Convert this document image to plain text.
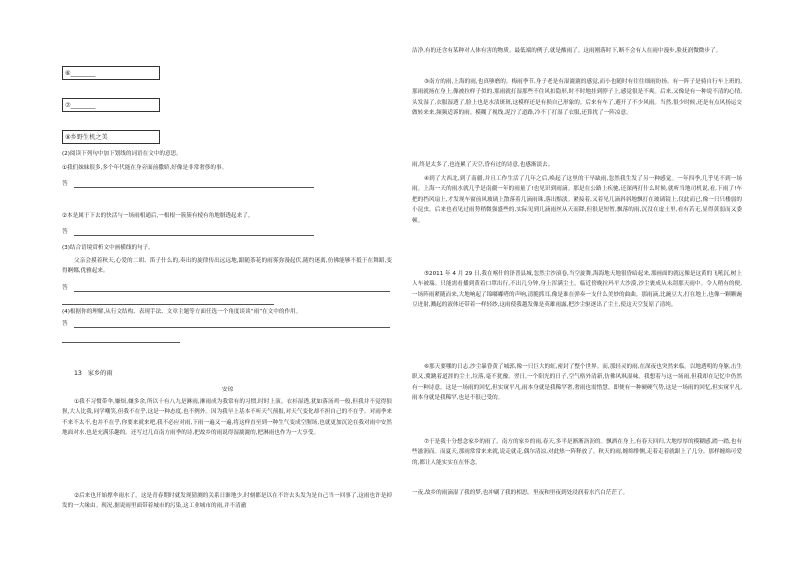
⑥________
⑦________
⑧乡野生机之美
(2)阅读下列句中加下划线的词语在文中的意思。
①我们妹妹很多,多个年代能在身旁面前撒娇,好像是非常奢侈的事。
答
②本是属于下去的快活与一场雨相通后,一根根一簇簇有棱有角地腊透起来了。
答
(3)结合语境赏析文中画横线的句子。
父亲会摸着秋天,心爱的二胡、笛子什么的,奏出的旋律传出远远地,跟随茶花的雨雾弥漫起伏,随约迷离,仿佛能够不抵于在舞蹈,变得婀娜,优雅起来。
答
(4)根据你的理解,从行文结构、表现手法、文章主题等方面任选一个角度谈谈“雨”在文中的作用。
答
13 家乡的雨
安琼
①我不习惯带伞,嫌烦,嫌多余,所以十有八九是淋雨,淋雨成为我常有的习惯,时时上演。衣衫湿透,犹如落汤鸡一般,但我并不觉得狼狈,大人比我,同学嘲笑,但我不在乎,这是一种态度,也不例外。因为我早上基本不听天气预报,对天气变化却不担自己的不在乎。对雨季来不来不太不,也并不在乎,你要来就来吧,我不必应对雨,下雨一遍又一遍,将这样直至到一种生气变成空腥场,也就更加沉沦在我对雨中安然地面对水,也是充满乐趣的。还写过几首南方雨季的诗,把故乡的雨说得湿漉漉的,把淋雨也作为一大享受。
②后来也开始撑伞雨水了。这是青春期时就发现猜测的关系日渐地少,时刻都是以在不许去头发为是自己当一回事了,这雨也许是掉发的一大缘由。现况,据说雨里面带着城市的污染,这工业城市的雨,并不清澈
洁净,有的还含有某种对人体有害的物质。最低端的例子,就是酸雨了。这雨刚落时下,断不会有人在雨中漫步,脸抚润微微步了。
③南方的雨,上海的雨,也真够磨的。梅雨季节,身子老是有湿漉漉的感觉,而小也随时有往往细雨纷扬。有一阵子是骑自行车上班的,那雨就扬在身上,像被拉样子似的,那雨就打湿那些不住风扣隐形,时不时地挂到脖子上,感觉很是不爽。后来,又像是有一种说不清的心情,头发湿了,衣服湿透了,脸上也是水渍斑斑,这模样还是有损自己形象的。后来有车了,避开了不少风雨。当然,很少时候,还是有点风扬运交做转来来,频频适诉的雨。模糊了视线,泥泞了道路,冷不丁打湿了衣服,还算扰了一阵凉意。
雨,终是太多了,也连累了天空,昏有过的诗意,也感渐淡去。
④到了大西北,到了南疆,并且工作生活了几年之后,唤起了这里的干旱缺雨,忽然我生发了另一种感觉。一年四季,几乎见不到一场雨。上海一天的雨水就几乎是南疆一年的雨量了!也见识到雨滴。那是在公路上疾驰,还深两打什么时候,就听当地司机说,看,下雨了!车把的挡风扇上,才发现车窗前风玻璃上散落着几滴雨珠,落出黯淡。紧接着,又着见几滴斜斜地飘打在玻璃镜上,仅此而已,像一只只楼弱的小昆虫。后来也看见过雨势稍微强盛些的,实际见到几滴雨丝从天而降,但很是短暂,飘落的雨,沉没在虚土里,看有若无,显得黄弱而又委顿。
⑤2011 年 4 月 29 日,我在喀什的泽普县城,忽然尘沙滚卷,当空旋舞,海海地天地很昏暗起来,那画面的就远像是这黄的飞吼沉,树上人车被瑞。只能需看播到黄着口罩出行,不出几分钟,身上浑满尘土。临近傍晚拉玛平大沙漠,沙尘裹成从未刮那天雨中。令人稍有的便,一场阵雨紧随而来,大地响起了锦嘟嘟嗒的声响,清脆抓耳,像是谁在弹奏一支什么美妙的曲曲。那雨滴,比豌豆大,打在地上,也像一颗颗豌豆迸射,溅起的液体还带着一样轻纱,这雨使我越发像是英雄雨露,把沙尘驱逐出了尘土,使这天空复原了清纯。
⑥那天要哪的日志,沙尘暴昏黄了城郭,像一只巨大的虹,密封了整个世界。而,那轻灵的雨,在深夜也突然来临。以地透明的身躯,击生职又,冀跳着道涯的尘土,垃落,毫不犹豫。翌日,一个阳光的日子,空气格外清新,仿佛风飒湿味。我想着与这一场雨,但我却在记忆中仍然有一种诗意。这是一场雨的回忆,但实窥平凡,雨本身就是我稀罕奢,奢雨也需惜慧。即便有一种硬硬气势,这是一场雨的回忆,但实窥平凡,雨本身就是我稀罕,也是不很已受的。
⑦于是我十分想念家乡的雨了。南方的家乡的雨,春天,多半是淅淅沥沥的。飘洒在身上,有春天回归,大地厚厚的模糊感,踏一踏,也有些滋润而。而夏天,那雨常常来来就,说走就走,偶尔清凉,对此热一阵释放了。秋天的雨,缠绵悱恻,走着走着就跟上了几分。那样缠绵可爱的,都让人能实实在在怀念。
一夜,故乡的雨滴湿了我的梦,也冲刷了我的相思。里夜和里夜到处浸润着水汽白茫茫了。
